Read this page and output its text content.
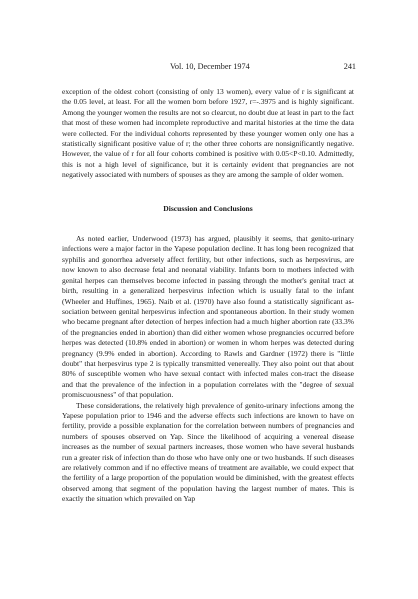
Vol. 10, December 1974	241

exception of the oldest cohort (consisting of only 13 women), every value of r is significant at the 0.05 level, at least. For all the women born before 1927, r=-.3975 and is highly significant. Among the younger women the results are not so clearcut, no doubt due at least in part to the fact that most of these women had incomplete reproductive and marital histories at the time the data were collected. For the individual cohorts represented by these younger women only one has a statistically significant positive value of r; the other three cohorts are nonsignificantly negative. However, the value of r for all four cohorts combined is positive with 0.05<P<0.10. Admittedly, this is not a high level of significance, but it is certainly evident that pregnancies are not negatively associated with numbers of spouses as they are among the sample of older women.

Discussion and Conclusions

As noted earlier, Underwood (1973) has argued, plausibly it seems, that genito-urinary infections were a major factor in the Yapese population decline. It has long been recognized that syphilis and gonorrhea adversely affect fertility, but other infections, such as herpesvirus, are now known to also decrease fetal and neonatal viability. Infants born to mothers infected with genital herpes can themselves become infected in passing through the mother's genital tract at birth, resulting in a generalized herpesvirus infection which is usually fatal to the infant (Wheeler and Huffines, 1965). Naib et al. (1970) have also found a statistically significant as-sociation between genital herpesvirus infection and spontaneous abortion. In their study women who became pregnant after detection of herpes infection had a much higher abortion rate (33.3% of the pregnancies ended in abortion) than did either women whose pregnancies occurred before herpes was detected (10.8% ended in abortion) or women in whom herpes was detected during pregnancy (9.9% ended in abortion). According to Rawls and Gardner (1972) there is "little doubt" that herpesvirus type 2 is typically transmitted venereally. They also point out that about 80% of susceptible women who have sexual contact with infected males con-tract the disease and that the prevalence of the infection in a population correlates with the "degree of sexual promiscuousness" of that population.

These considerations, the relatively high prevalence of genito-urinary infections among the Yapese population prior to 1946 and the adverse effects such infections are known to have on fertility, provide a possible explanation for the correlation between numbers of pregnancies and numbers of spouses observed on Yap. Since the likelihood of acquiring a venereal disease increases as the number of sexual partners increases, those women who have several husbands run a greater risk of infection than do those who have only one or two husbands. If such diseases are relatively common and if no effective means of treatment are available, we could expect that the fertility of a large proportion of the population would be diminished, with the greatest effects observed among that segment of the population having the largest number of mates. This is exactly the situation which prevailed on Yap
